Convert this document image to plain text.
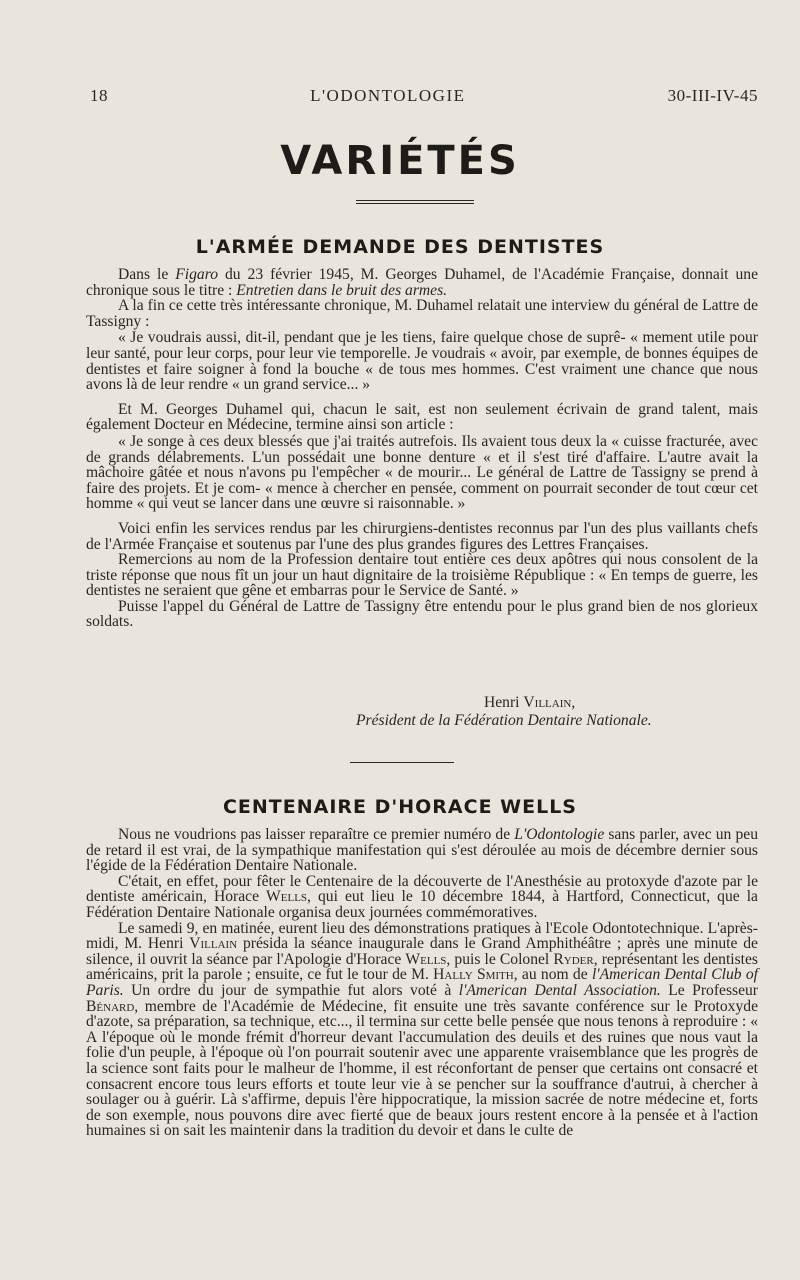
18	L'ODONTOLOGIE	30-III-IV-45
VARIÉTÉS
L'ARMÉE DEMANDE DES DENTISTES

Dans le Figaro du 23 février 1945, M. Georges Duhamel, de l'Académie Française, donnait une chronique sous le titre : Entretien dans le bruit des armes.

A la fin ce cette très intéressante chronique, M. Duhamel relatait une interview du général de Lattre de Tassigny :

« Je voudrais aussi, dit-il, pendant que je les tiens, faire quelque chose de suprê- « mement utile pour leur santé, pour leur corps, pour leur vie temporelle. Je voudrais « avoir, par exemple, de bonnes équipes de dentistes et faire soigner à fond la bouche « de tous mes hommes. C'est vraiment une chance que nous avons là de leur rendre « un grand service... »

Et M. Georges Duhamel qui, chacun le sait, est non seulement écrivain de grand talent, mais également Docteur en Médecine, termine ainsi son article :

« Je songe à ces deux blessés que j'ai traités autrefois. Ils avaient tous deux la « cuisse fracturée, avec de grands délabrements. L'un possédait une bonne denture « et il s'est tiré d'affaire. L'autre avait la mâchoire gâtée et nous n'avons pu l'empêcher « de mourir... Le général de Lattre de Tassigny se prend à faire des projets. Et je com- « mence à chercher en pensée, comment on pourrait seconder de tout cœur cet homme « qui veut se lancer dans une œuvre si raisonnable. »

Voici enfin les services rendus par les chirurgiens-dentistes reconnus par l'un des plus vaillants chefs de l'Armée Française et soutenus par l'une des plus grandes figures des Lettres Françaises.

Remercions au nom de la Profession dentaire tout entière ces deux apôtres qui nous consolent de la triste réponse que nous fît un jour un haut dignitaire de la troisième République : « En temps de guerre, les dentistes ne seraient que gêne et embarras pour le Service de Santé. »

Puisse l'appel du Général de Lattre de Tassigny être entendu pour le plus grand bien de nos glorieux soldats.

Henri Villain,
Président de la Fédération Dentaire Nationale.
CENTENAIRE D'HORACE WELLS

Nous ne voudrions pas laisser reparaître ce premier numéro de L'Odontologie sans parler, avec un peu de retard il est vrai, de la sympathique manifestation qui s'est déroulée au mois de décembre dernier sous l'égide de la Fédération Dentaire Nationale.

C'était, en effet, pour fêter le Centenaire de la découverte de l'Anesthésie au protoxyde d'azote par le dentiste américain, Horace Wells, qui eut lieu le 10 décembre 1844, à Hartford, Connecticut, que la Fédération Dentaire Nationale organisa deux journées commémoratives.

Le samedi 9, en matinée, eurent lieu des démonstrations pratiques à l'Ecole Odontotechnique. L'après-midi, M. Henri Villain présida la séance inaugurale dans le Grand Amphithéâtre ; après une minute de silence, il ouvrit la séance par l'Apologie d'Horace Wells, puis le Colonel Ryder, représentant les dentistes américains, prit la parole ; ensuite, ce fut le tour de M. Hally Smith, au nom de l'American Dental Club of Paris. Un ordre du jour de sympathie fut alors voté à l'American Dental Association. Le Professeur Bénard, membre de l'Académie de Médecine, fit ensuite une très savante conférence sur le Protoxyde d'azote, sa préparation, sa technique, etc..., il termina sur cette belle pensée que nous tenons à reproduire : « A l'époque où le monde frémit d'horreur devant l'accumulation des deuils et des ruines que nous vaut la folie d'un peuple, à l'époque où l'on pourrait soutenir avec une apparente vraisemblance que les progrès de la science sont faits pour le malheur de l'homme, il est réconfortant de penser que certains ont consacré et consacrent encore tous leurs efforts et toute leur vie à se pencher sur la souffrance d'autrui, à chercher à soulager ou à guérir. Là s'affirme, depuis l'ère hippocratique, la mission sacrée de notre médecine et, forts de son exemple, nous pouvons dire avec fierté que de beaux jours restent encore à la pensée et à l'action humaines si on sait les maintenir dans la tradition du devoir et dans le culte de
